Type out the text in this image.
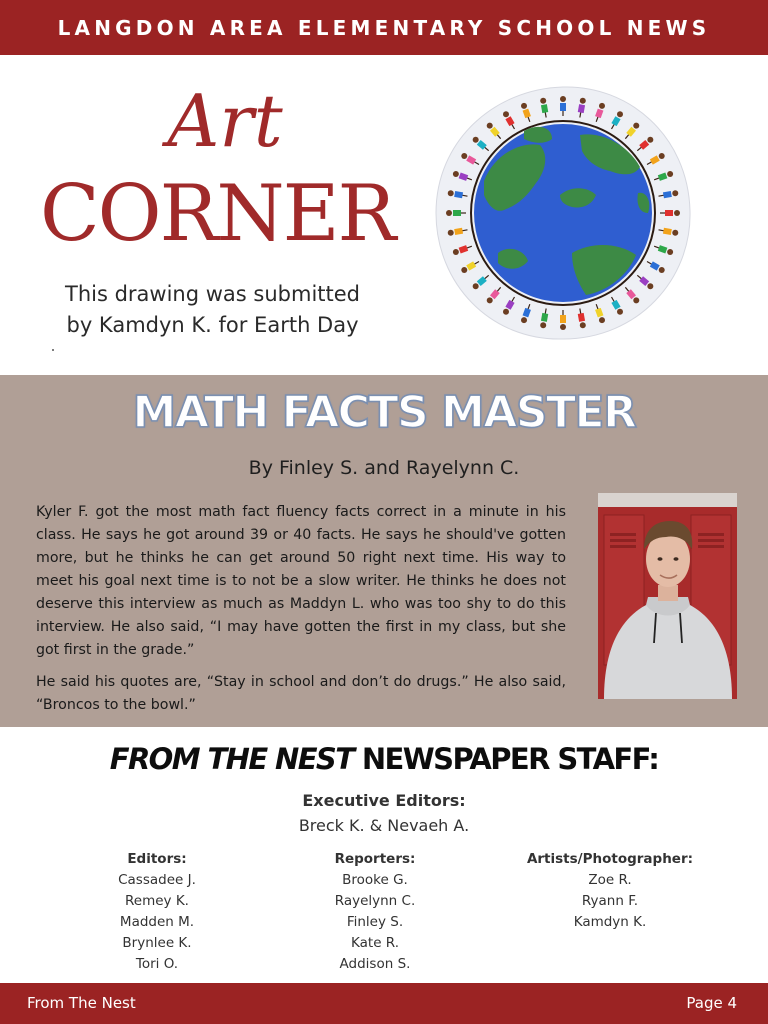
LANGDON AREA ELEMENTARY SCHOOL NEWS
Art
CORNER
This drawing was submitted
by Kamdyn K. for Earth Day
MATH FACTS MASTER
By Finley S. and Rayelynn C.

Kyler F. got the most math fact fluency facts correct in a minute in his class. He says he got around 39 or 40 facts. He says he should've gotten more, but he thinks he can get around 50 right next time. His way to meet his goal next time is to not be a slow writer. He thinks he does not deserve this interview as much as Maddyn L. who was too shy to do this interview. He also said, “I may have gotten the first in my class, but she got first in the grade.”

He said his quotes are, “Stay in school and don’t do drugs.” He also said, “Broncos to the bowl.”

FROM THE NEST NEWSPAPER STAFF:
Executive Editors:
Breck K. & Nevaeh A.
Editors:
Cassadee J.
Remey K.
Madden M.
Brynlee K.
Tori O.
Reporters:
Brooke G.
Rayelynn C.
Finley S.
Kate R.
Addison S.
Artists/Photographer:
Zoe R.
Ryann F.
Kamdyn K.
From The Nest	Page 4
